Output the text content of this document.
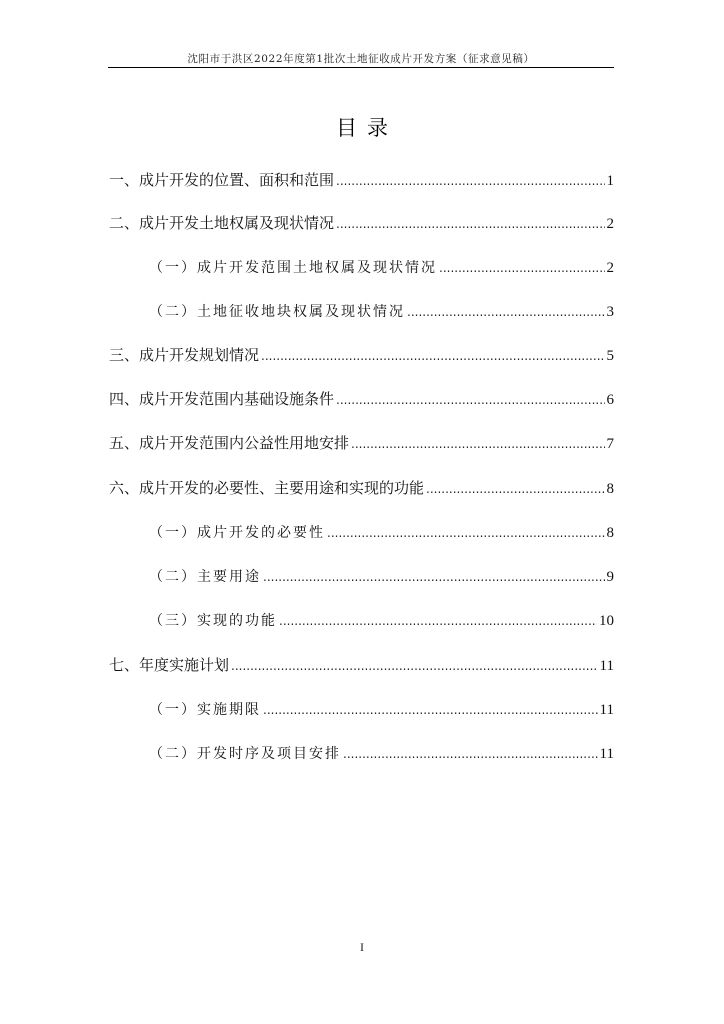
沈阳市于洪区2022年度第1批次土地征收成片开发方案（征求意见稿）
目录
一、成片开发的位置、面积和范围 .....	1
二、成片开发土地权属及现状情况 .....	2
（一）成片开发范围土地权属及现状情况 .....	2
（二）土地征收地块权属及现状情况 .....	3
三、成片开发规划情况 .....	5
四、成片开发范围内基础设施条件 .....	6
五、成片开发范围内公益性用地安排 .....	7
六、成片开发的必要性、主要用途和实现的功能 .....	8
（一）成片开发的必要性 .....	8
（二）主要用途 .....	9
（三）实现的功能 .....	10
七、年度实施计划 .....	11
（一）实施期限 .....	11
（二）开发时序及项目安排 .....	11
I
